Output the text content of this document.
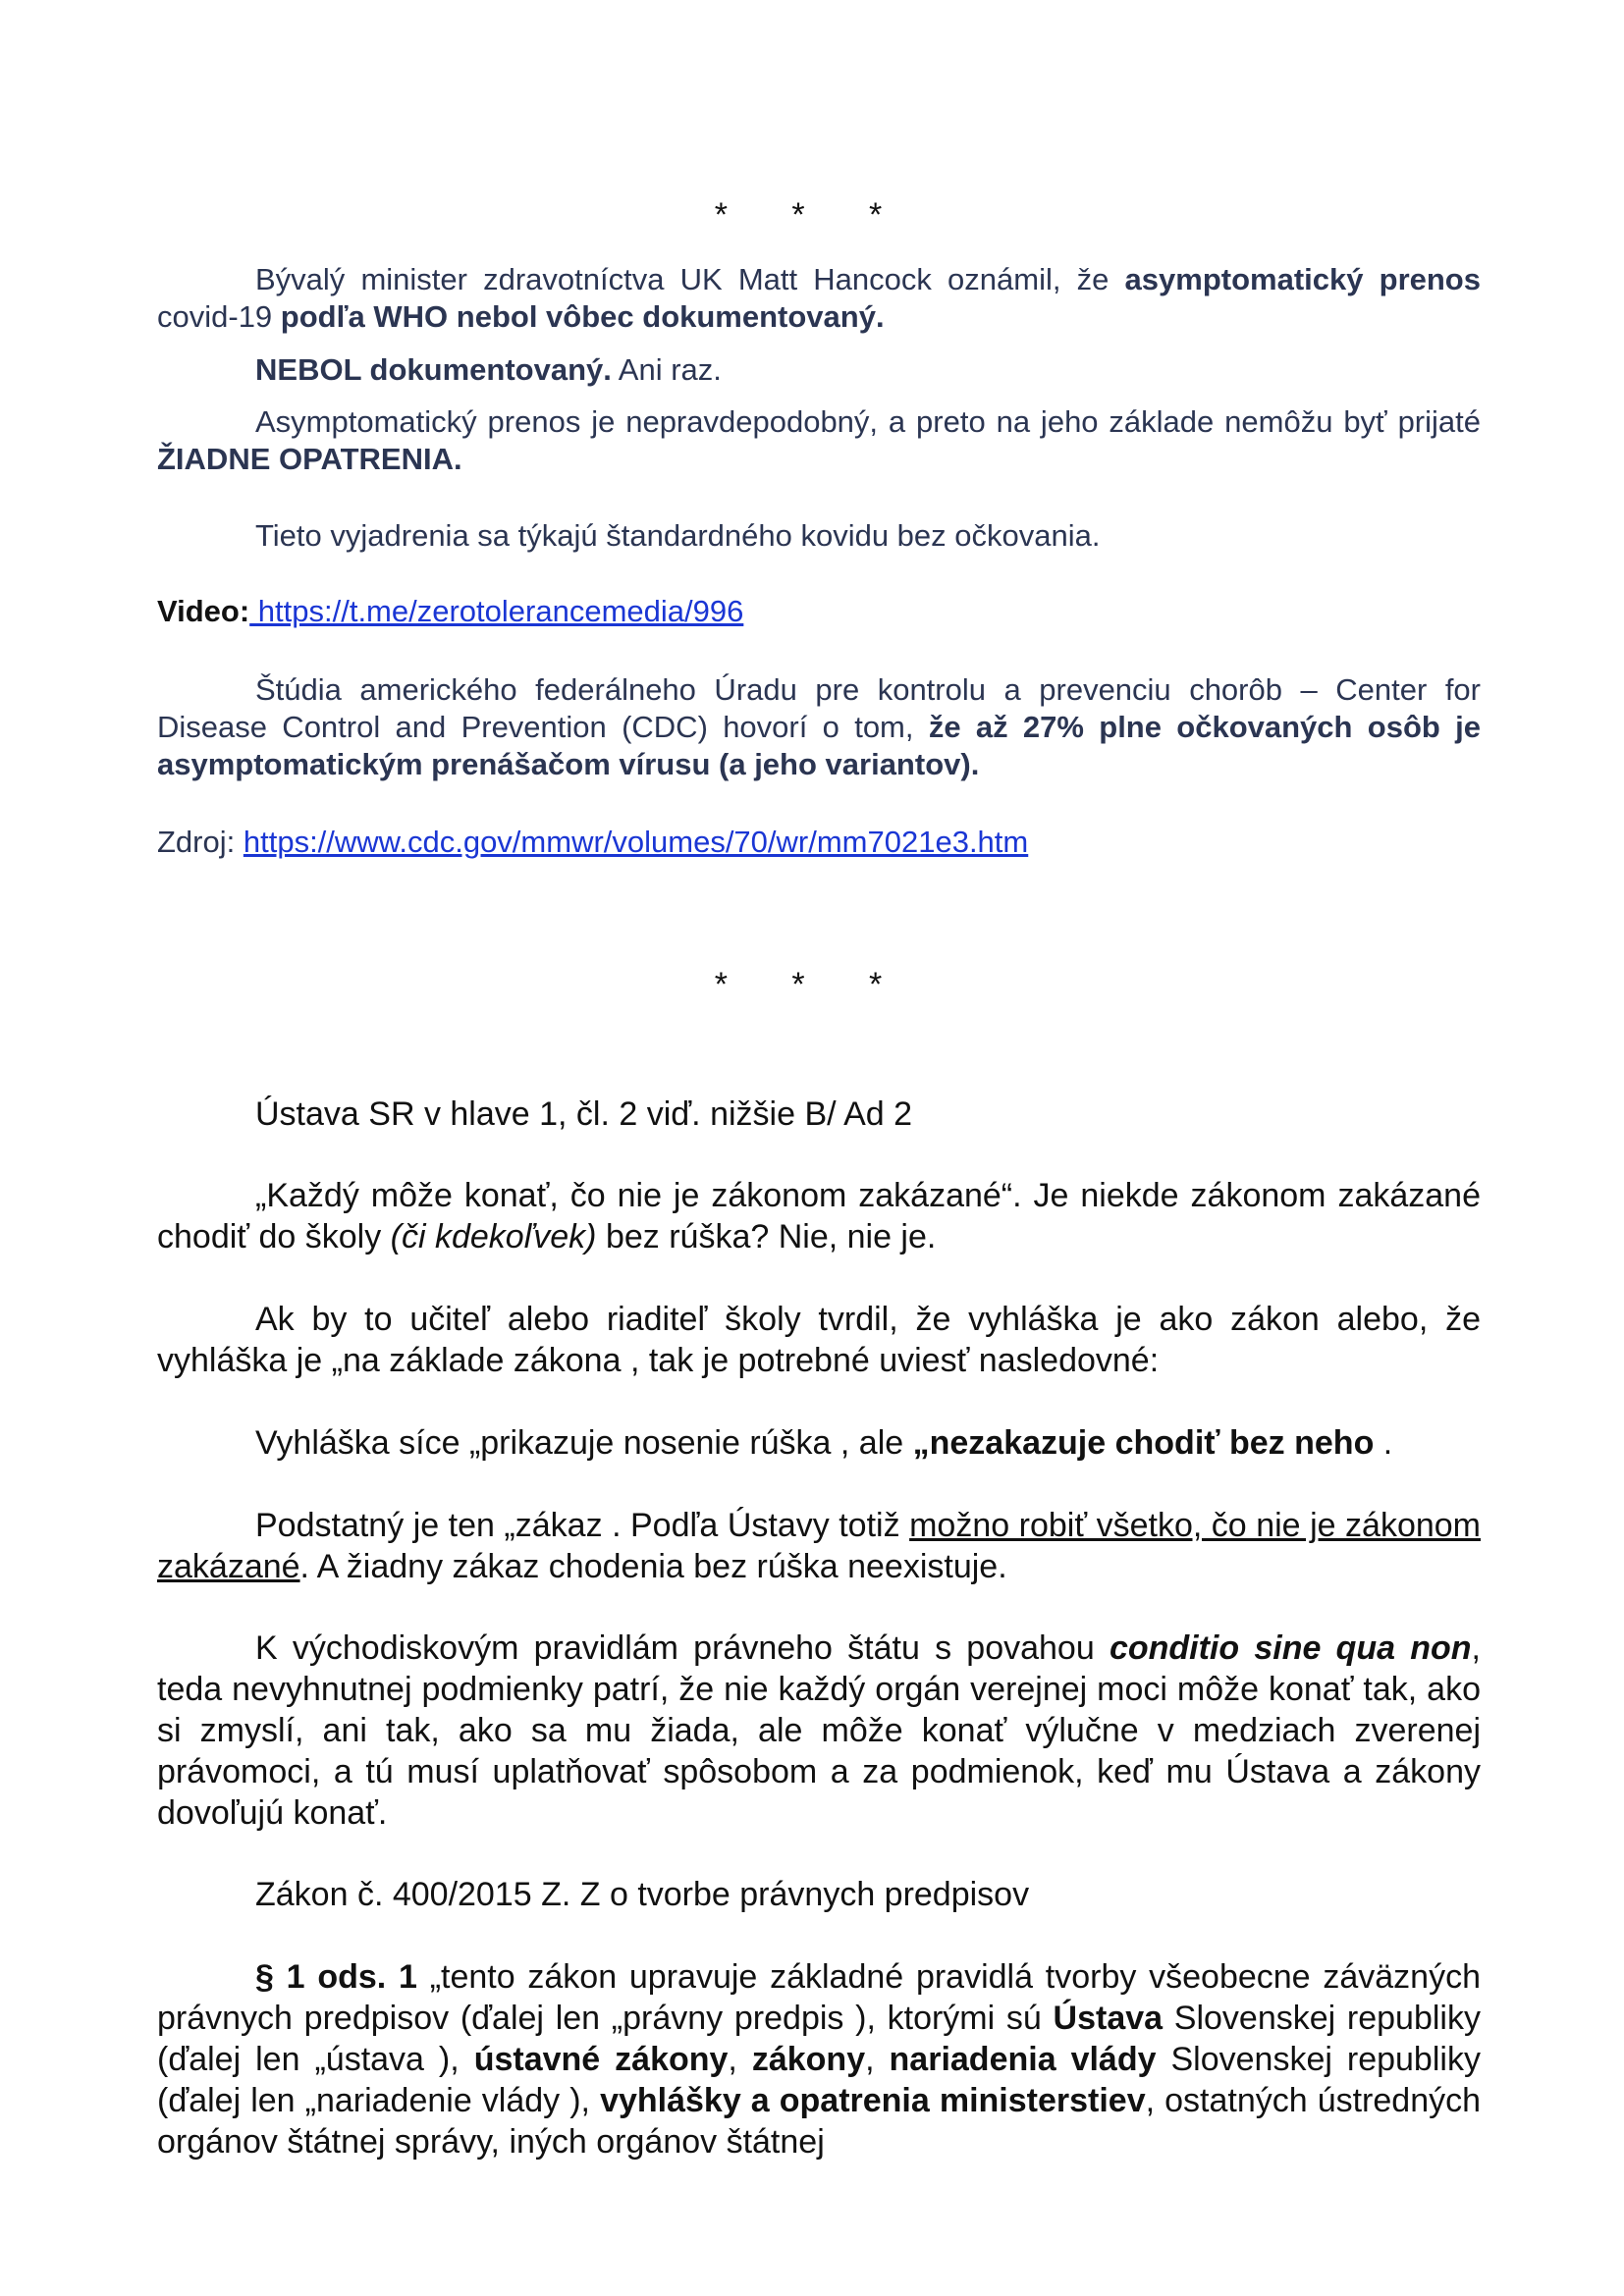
* * *
Bývalý minister zdravotníctva UK Matt Hancock oznámil, že asymptomatický prenos covid-19 podľa WHO nebol vôbec dokumentovaný.
NEBOL dokumentovaný. Ani raz.
Asymptomatický prenos je nepravdepodobný, a preto na jeho základe nemôžu byť prijaté ŽIADNE OPATRENIA.
Tieto vyjadrenia sa týkajú štandardného kovidu bez očkovania.
Video: https://t.me/zerotolerancemedia/996
Štúdia amerického federálneho Úradu pre kontrolu a prevenciu chorôb – Center for Disease Control and Prevention (CDC) hovorí o tom, že až 27% plne očkovaných osôb je asymptomatickým prenášačom vírusu (a jeho variantov).
Zdroj: https://www.cdc.gov/mmwr/volumes/70/wr/mm7021e3.htm
* * *
Ústava SR v hlave 1, čl. 2 viď. nižšie B/ Ad 2
„Každý môže konať, čo nie je zákonom zakázané“. Je niekde zákonom zakázané chodiť do školy (či kdekoľvek) bez rúška? Nie, nie je.
Ak by to učiteľ alebo riaditeľ školy tvrdil, že vyhláška je ako zákon alebo, že vyhláška je „na základe zákona , tak je potrebné uviesť nasledovné:
Vyhláška síce „prikazuje nosenie rúška , ale „nezakazuje chodiť bez neho .
Podstatný je ten „zákaz . Podľa Ústavy totiž možno robiť všetko, čo nie je zákonom zakázané. A žiadny zákaz chodenia bez rúška neexistuje.
K východiskovým pravidlám právneho štátu s povahou conditio sine qua non, teda nevyhnutnej podmienky patrí, že nie každý orgán verejnej moci môže konať tak, ako si zmyslí, ani tak, ako sa mu žiada, ale môže konať výlučne v medziach zverenej právomoci, a tú musí uplatňovať spôsobom a za podmienok, keď mu Ústava a zákony dovoľujú konať.
Zákon č. 400/2015 Z. Z o tvorbe právnych predpisov
§ 1 ods. 1 „tento zákon upravuje základné pravidlá tvorby všeobecne záväzných právnych predpisov (ďalej len „právny predpis ), ktorými sú Ústava Slovenskej republiky (ďalej len „ústava ), ústavné zákony, zákony, nariadenia vlády Slovenskej republiky (ďalej len „nariadenie vlády ), vyhlášky a opatrenia ministerstiev, ostatných ústredných orgánov štátnej správy, iných orgánov štátnej
